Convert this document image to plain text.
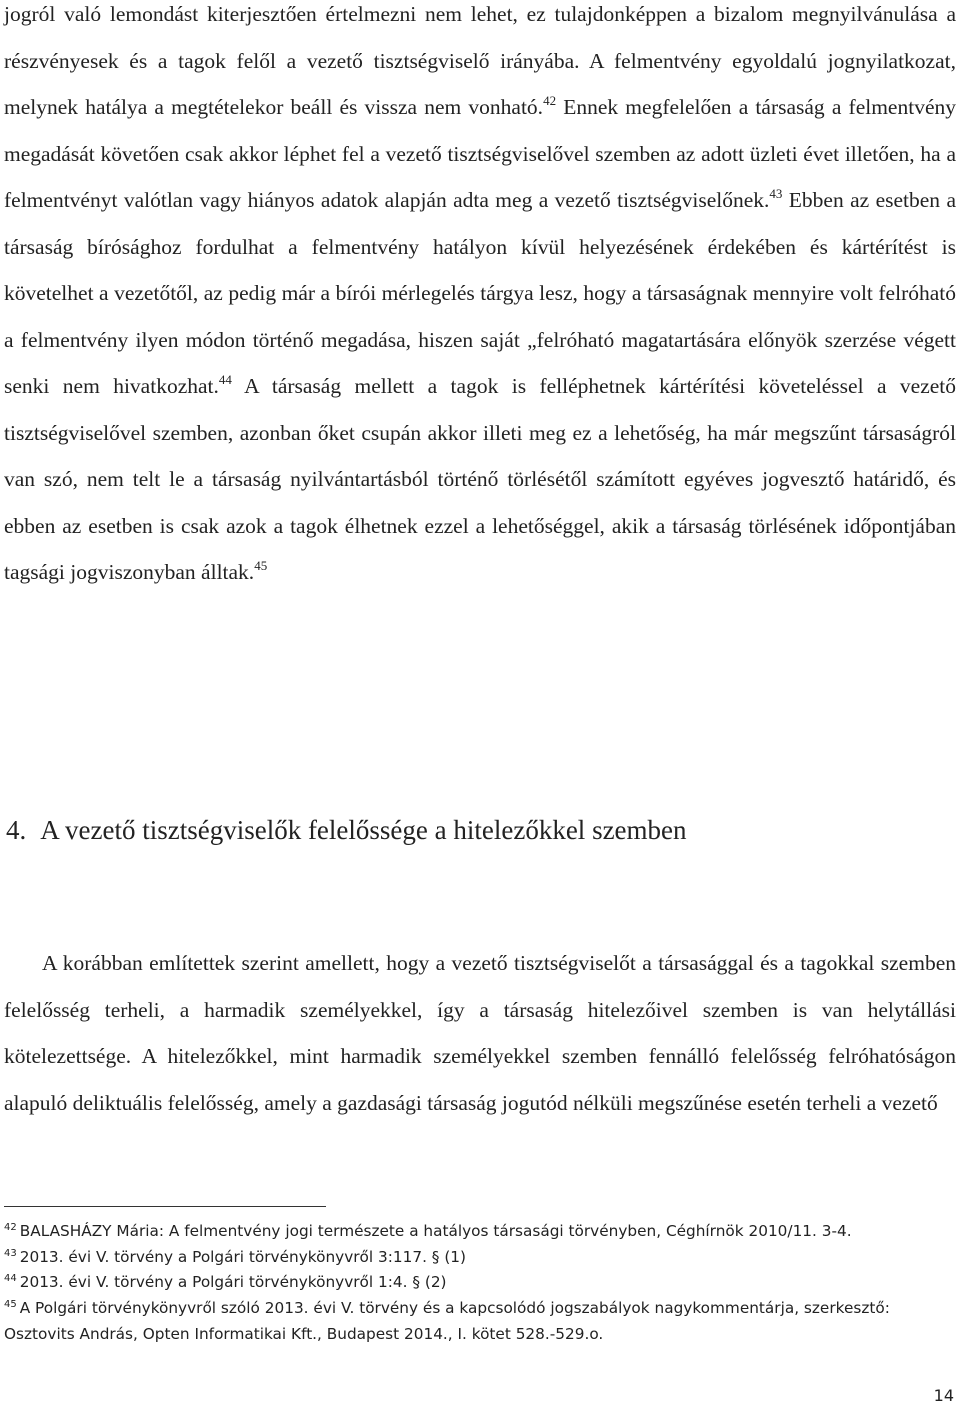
jogról való lemondást kiterjesztően értelmezni nem lehet, ez tulajdonképpen a bizalom megnyilvánulása a részvényesek és a tagok felől a vezető tisztségviselő irányába. A felmentvény egyoldalú jognyilatkozat, melynek hatálya a megtételekor beáll és vissza nem vonható.$^{42}$ Ennek megfelelően a társaság a felmentvény megadását követően csak akkor léphet fel a vezető tisztségviselővel szemben az adott üzleti évet illetően, ha a felmentvényt valótlan vagy hiányos adatok alapján adta meg a vezető tisztségviselőnek.$^{43}$ Ebben az esetben a társaság bírósághoz fordulhat a felmentvény hatályon kívül helyezésének érdekében és kártérítést is követelhet a vezetőtől, az pedig már a bírói mérlegelés tárgya lesz, hogy a társaságnak mennyire volt felróható a felmentvény ilyen módon történő megadása, hiszen saját „felróható magatartására előnyök szerzése végett senki nem hivatkozhat.$^{44}$ A társaság mellett a tagok is felléphetnek kártérítési követeléssel a vezető tisztségviselővel szemben, azonban őket csupán akkor illeti meg ez a lehetőség, ha már megszűnt társaságról van szó, nem telt le a társaság nyilvántartásból történő törlésétől számított egyéves jogvesztő határidő, és ebben az esetben is csak azok a tagok élhetnek ezzel a lehetőséggel, akik a társaság törlésének időpontjában tagsági jogviszonyban álltak.$^{45}$

4. A vezető tisztségviselők felelőssége a hitelezőkkel szemben

A korábban említettek szerint amellett, hogy a vezető tisztségviselőt a társasággal és a tagokkal szemben felelősség terheli, a harmadik személyekkel, így a társaság hitelezőivel szemben is van helytállási kötelezettsége. A hitelezőkkel, mint harmadik személyekkel szemben fennálló felelősség felróhatóságon alapuló deliktuális felelősség, amely a gazdasági társaság jogutód nélküli megszűnése esetén terheli a vezető

$^{42}$ BALASHÁZY Mária: A felmentvény jogi természete a hatályos társasági törvényben, Céghírnök 2010/11. 3-4.

$^{43}$ 2013. évi V. törvény a Polgári törvénykönyvről 3:117. § (1)

$^{44}$ 2013. évi V. törvény a Polgári törvénykönyvről 1:4. § (2)

$^{45}$ A Polgári törvénykönyvről szóló 2013. évi V. törvény és a kapcsolódó jogszabályok nagykommentárja, szerkesztő: Osztovits András, Opten Informatikai Kft., Budapest 2014., I. kötet 528.-529.o.

14
